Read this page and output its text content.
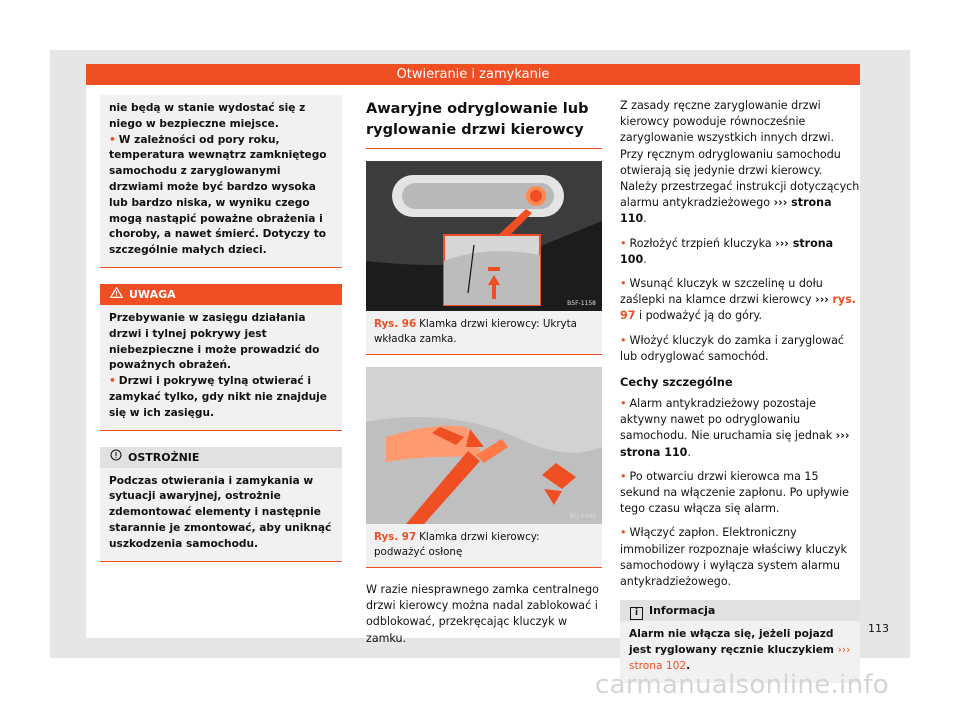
Otwieranie i zamykanie

nie będą w stanie wydostać się z niego w bezpieczne miejsce.

• W zależności od pory roku, temperatura wewnątrz zamkniętego samochodu z zaryglowanymi drzwiami może być bardzo wysoka lub bardzo niska, w wyniku czego mogą nastąpić poważne obrażenia i choroby, a nawet śmierć. Dotyczy to szczególnie małych dzieci.

UWAGA

Przebywanie w zasięgu działania drzwi i tylnej pokrywy jest niebezpieczne i może prowadzić do poważnych obrażeń.

• Drzwi i pokrywę tylną otwierać i zamykać tylko, gdy nikt nie znajduje się w ich zasięgu.

OSTROŻNIE

Podczas otwierania i zamykania w sytuacji awaryjnej, ostrożnie zdemontować elementy i następnie starannie je zmontować, aby uniknąć uszkodzenia samochodu.

Awaryjne odryglowanie lub ryglowanie drzwi kierowcy
B5F-1158
Rys. 96 Klamka drzwi kierowcy: Ukryta wkładka zamka.
BFJ-0042
Rys. 97 Klamka drzwi kierowcy: podważyć osłonę

W razie niesprawnego zamka centralnego drzwi kierowcy można nadal zablokować i odblokować, przekręcając kluczyk w zamku.

Z zasady ręczne zaryglowanie drzwi kierowcy powoduje równocześnie zaryglowanie wszystkich innych drzwi. Przy ręcznym odryglowaniu samochodu otwierają się jedynie drzwi kierowcy. Należy przestrzegać instrukcji dotyczących alarmu antykradzieżowego ››› strona 110.

• Rozłożyć trzpień kluczyka ››› strona 100.

• Wsunąć kluczyk w szczelinę u dołu zaślepki na klamce drzwi kierowcy ››› rys. 97 i podważyć ją do góry.

• Włożyć kluczyk do zamka i zaryglować lub odryglować samochód.

Cechy szczególne

• Alarm antykradzieżowy pozostaje aktywny nawet po odryglowaniu samochodu. Nie uruchamia się jednak ››› strona 110.

• Po otwarciu drzwi kierowca ma 15 sekund na włączenie zapłonu. Po upływie tego czasu włącza się alarm.

• Włączyć zapłon. Elektroniczny immobilizer rozpoznaje właściwy kluczyk samochodowy i wyłącza system alarmu antykradzieżowego.

i Informacja
Alarm nie włącza się, jeżeli pojazd jest ryglowany ręcznie kluczykiem ››› strona 102.
113
carmanualsonline.info
